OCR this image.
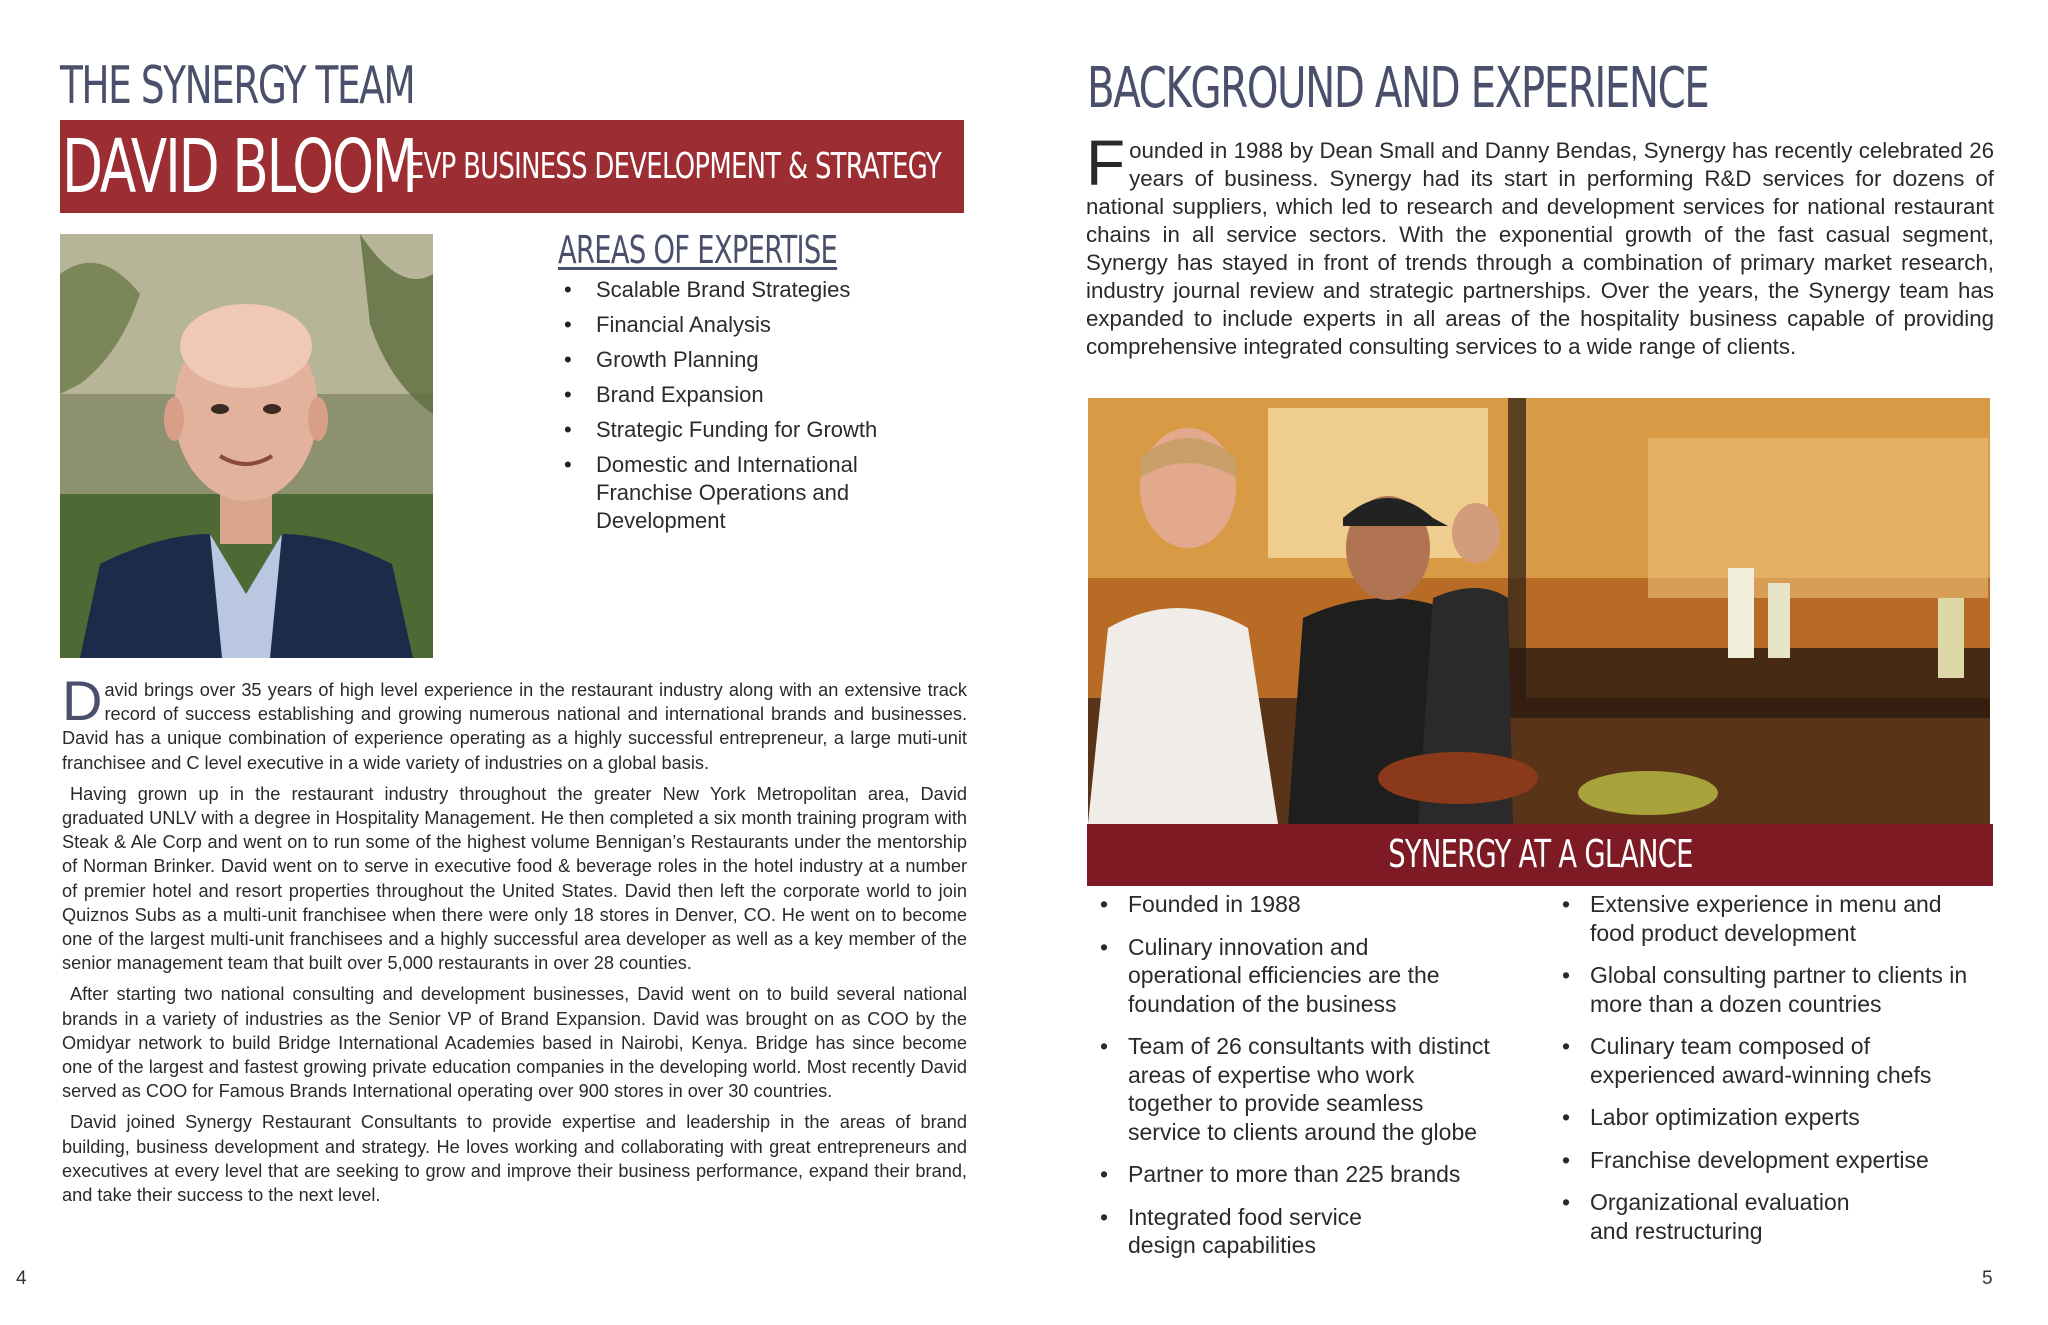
THE SYNERGY TEAM
DAVID BLOOM
EVP BUSINESS DEVELOPMENT & STRATEGY
AREAS OF EXPERTISE
• Scalable Brand Strategies
• Financial Analysis
• Growth Planning
• Brand Expansion
• Strategic Funding for Growth
• Domestic and International Franchise Operations and Development

David brings over 35 years of high level experience in the restaurant industry along with an extensive track record of success establishing and growing numerous national and international brands and businesses. David has a unique combination of experience operating as a highly successful entrepreneur, a large muti-unit franchisee and C level executive in a wide variety of industries on a global basis.

Having grown up in the restaurant industry throughout the greater New York Metropolitan area, David graduated UNLV with a degree in Hospitality Management. He then completed a six month training program with Steak & Ale Corp and went on to run some of the highest volume Bennigan’s Restaurants under the mentorship of Norman Brinker. David went on to serve in executive food & beverage roles in the hotel industry at a number of premier hotel and resort properties throughout the United States. David then left the corporate world to join Quiznos Subs as a multi-unit franchisee when there were only 18 stores in Denver, CO. He went on to become one of the largest multi-unit franchisees and a highly successful area developer as well as a key member of the senior management team that built over 5,000 restaurants in over 28 counties.

After starting two national consulting and development businesses, David went on to build several national brands in a variety of industries as the Senior VP of Brand Expansion. David was brought on as COO by the Omidyar network to build Bridge International Academies based in Nairobi, Kenya. Bridge has since become one of the largest and fastest growing private education companies in the developing world. Most recently David served as COO for Famous Brands International operating over 900 stores in over 30 countries.

David joined Synergy Restaurant Consultants to provide expertise and leadership in the areas of brand building, business development and strategy. He loves working and collaborating with great entrepreneurs and executives at every level that are seeking to grow and improve their business performance, expand their brand, and take their success to the next level.

4
BACKGROUND AND EXPERIENCE

Founded in 1988 by Dean Small and Danny Bendas, Synergy has recently celebrated 26 years of business. Synergy had its start in performing R&D services for dozens of national suppliers, which led to research and development services for national restaurant chains in all service sectors. With the exponential growth of the fast casual segment, Synergy has stayed in front of trends through a combination of primary market research, industry journal review and strategic partnerships. Over the years, the Synergy team has expanded to include experts in all areas of the hospitality business capable of providing comprehensive integrated consulting services to a wide range of clients.

SYNERGY AT A GLANCE
• Founded in 1988
• Culinary innovation and operational efficiencies are the foundation of the business
• Team of 26 consultants with distinct areas of expertise who work together to provide seamless service to clients around the globe
• Partner to more than 225 brands
• Integrated food service design capabilities
• Extensive experience in menu and food product development
• Global consulting partner to clients in more than a dozen countries
• Culinary team composed of experienced award-winning chefs
• Labor optimization experts
• Franchise development expertise
• Organizational evaluation and restructuring
5
